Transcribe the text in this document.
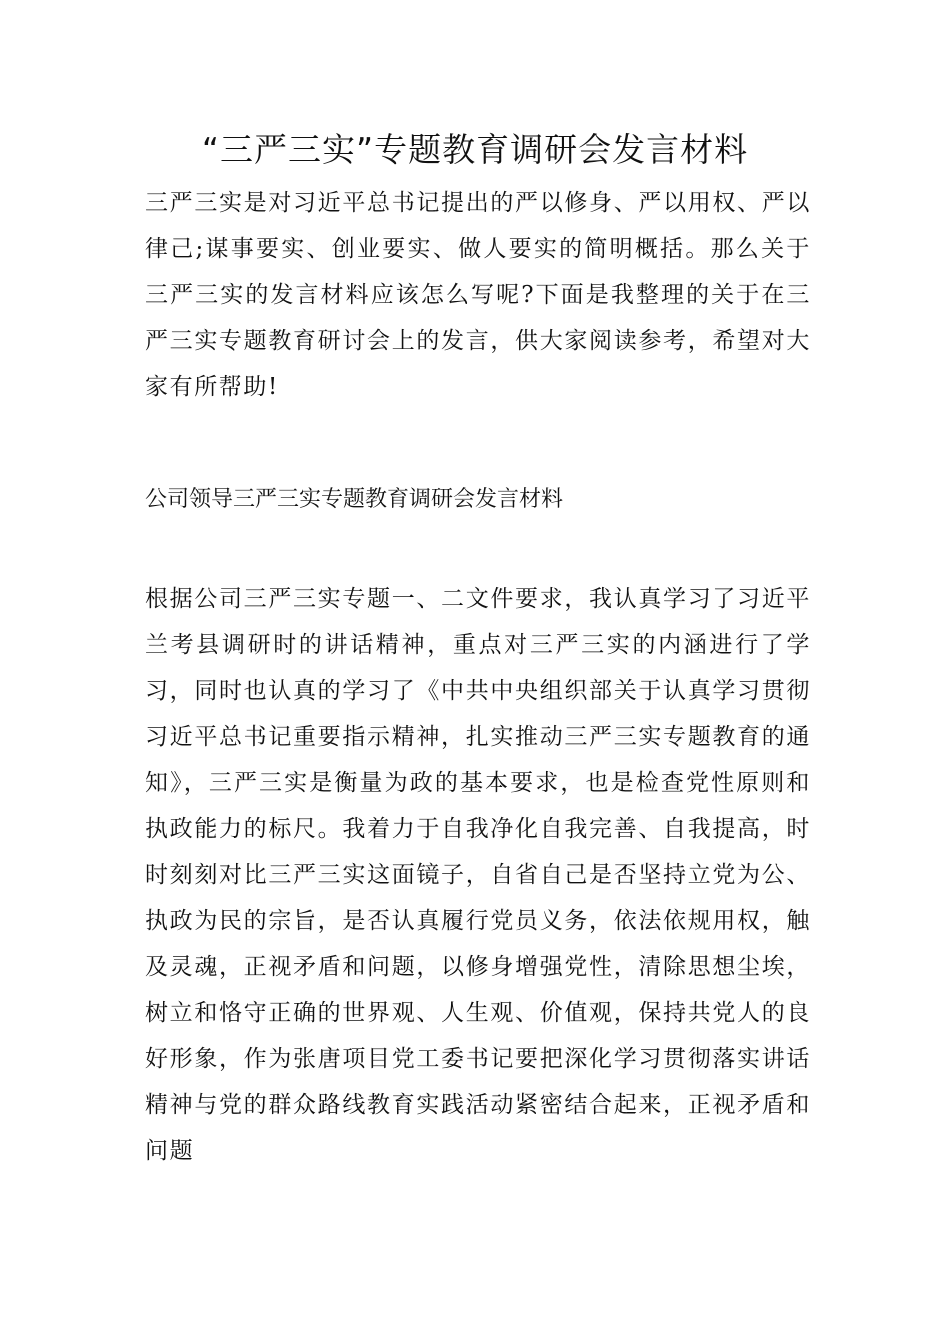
“三严三实”专题教育调研会发言材料
三严三实是对习近平总书记提出的严以修身、严以用权、严以律己;谋事要实、创业要实、做人要实的简明概括。那么关于三严三实的发言材料应该怎么写呢?下面是我整理的关于在三严三实专题教育研讨会上的发言，供大家阅读参考，希望对大家有所帮助!
公司领导三严三实专题教育调研会发言材料
根据公司三严三实专题一、二文件要求，我认真学习了习近平兰考县调研时的讲话精神，重点对三严三实的内涵进行了学习，同时也认真的学习了《中共中央组织部关于认真学习贯彻习近平总书记重要指示精神，扎实推动三严三实专题教育的通知》，三严三实是衡量为政的基本要求，也是检查党性原则和执政能力的标尺。我着力于自我净化自我完善、自我提高，时时刻刻对比三严三实这面镜子，自省自己是否坚持立党为公、执政为民的宗旨，是否认真履行党员义务，依法依规用权，触及灵魂，正视矛盾和问题，以修身增强党性，清除思想尘埃，树立和恪守正确的世界观、人生观、价值观，保持共党人的良好形象，作为张唐项目党工委书记要把深化学习贯彻落实讲话精神与党的群众路线教育实践活动紧密结合起来，正视矛盾和问题
